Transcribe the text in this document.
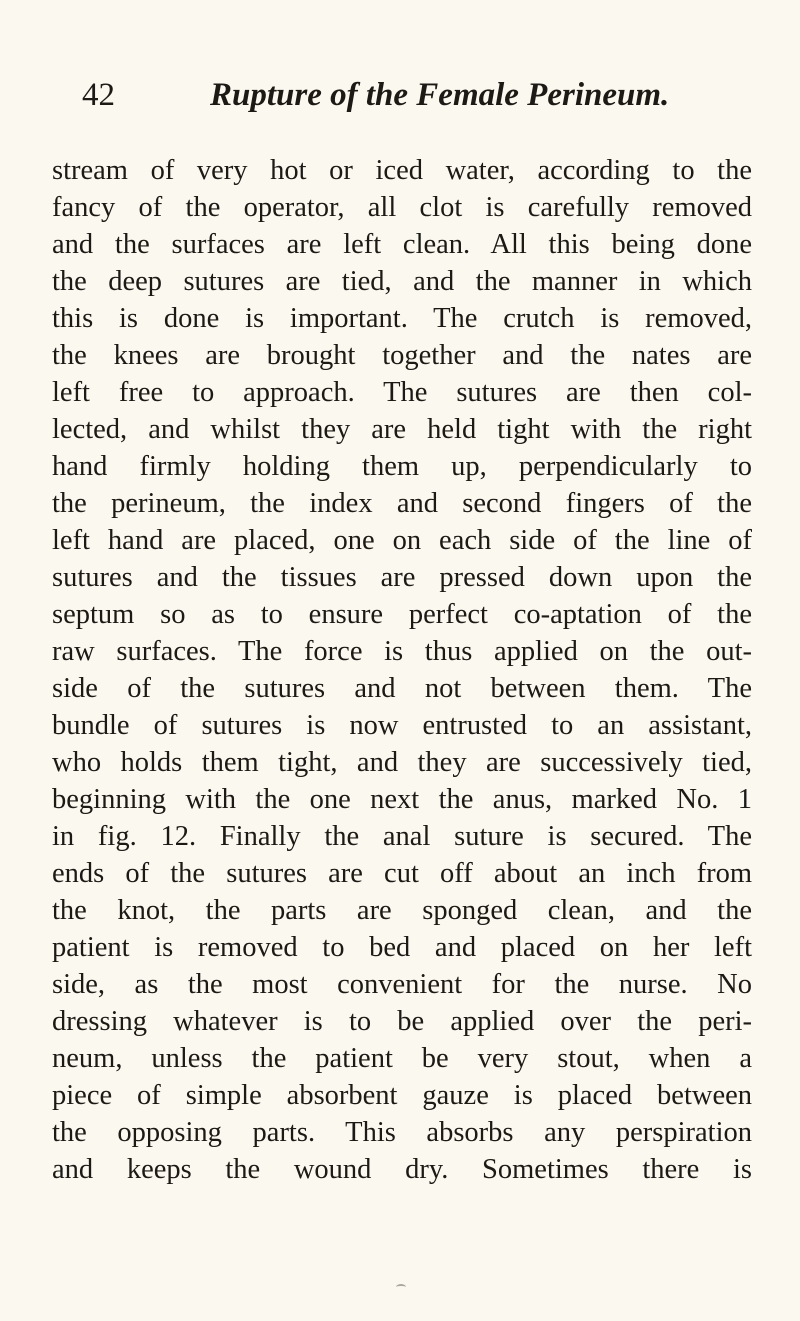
42	Rupture of the Female Perineum.
stream of very hot or iced water, according to the
fancy of the operator, all clot is carefully removed
and the surfaces are left clean. All this being done
the deep sutures are tied, and the manner in which
this is done is important. The crutch is removed,
the knees are brought together and the nates are
left free to approach. The sutures are then col-
lected, and whilst they are held tight with the right
hand firmly holding them up, perpendicularly to
the perineum, the index and second fingers of the
left hand are placed, one on each side of the line of
sutures and the tissues are pressed down upon the
septum so as to ensure perfect co-aptation of the
raw surfaces. The force is thus applied on the out-
side of the sutures and not between them. The
bundle of sutures is now entrusted to an assistant,
who holds them tight, and they are successively tied,
beginning with the one next the anus, marked No. 1
in fig. 12. Finally the anal suture is secured. The
ends of the sutures are cut off about an inch from
the knot, the parts are sponged clean, and the
patient is removed to bed and placed on her left
side, as the most convenient for the nurse. No
dressing whatever is to be applied over the peri-
neum, unless the patient be very stout, when a
piece of simple absorbent gauze is placed between
the opposing parts. This absorbs any perspiration
and keeps the wound dry. Sometimes there is
